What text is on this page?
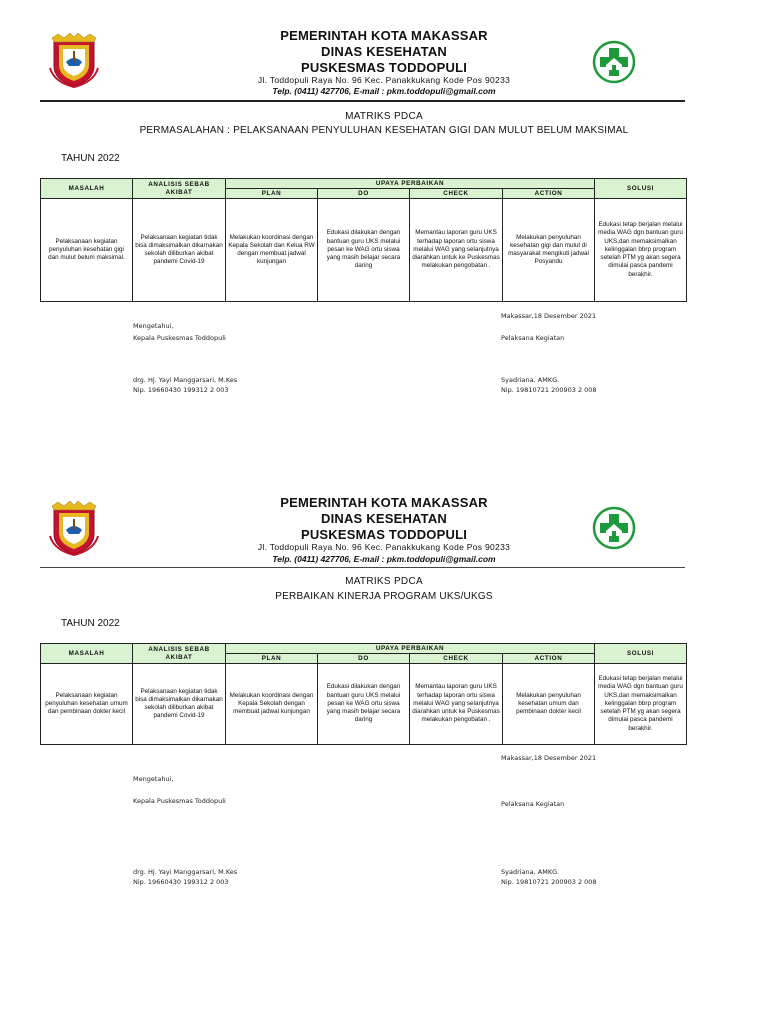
PEMERINTAH KOTA MAKASSAR
DINAS KESEHATAN
PUSKESMAS TODDOPULI
Jl. Toddopuli Raya No. 96 Kec. Panakkukang Kode Pos 90233
Telp. (0411) 427706, E-mail : pkm.toddopuli@gmail.com
MATRIKS PDCA
PERMASALAHAN : PELAKSANAAN PENYULUHAN KESEHATAN GIGI DAN MULUT BELUM MAKSIMAL
TAHUN 2022
MASALAH	ANALISIS SEBAB AKIBAT	UPAYA PERBAIKAN				SOLUSI
		PLAN	DO	CHECK	ACTION	
Pelaksanaan kegiatan penyuluhan kesehatan gigi dan mulut belum maksimal.	Pelaksanaan kegiatan tidak bisa dimaksimalkan dikarnakan sekolah diliburkan akibat pandemi Covid-19	Melakukan koordinasi dengan Kepala Sekolah dan Kelua RW dengan membuat jadwal kunjungan	Edukasi dilakukan dengan bantuan guru UKS melalui pesan ke WAG ortu siswa yang masih belajar secara daring	Memantau laporan guru UKS terhadap laporan ortu siswa melalui WAG yang selanjutnya diarahkan untuk ke Puskesmas melakukan pengobatan .	Melakukan penyuluhan kesehatan gigi dan mulut di masyarakat mengikuti jadwal Posyandu	Edukasi tetap berjalan melalui media WAG dgn bantuan guru UKS,dan memaksimalkan kelinggalan bbrp program setelah PTM yg akan segera dimulai pasca pandemi berakhir.
Makassar,18 Desember 2021
Mengetahui,
Kepala Puskesmas Toddopuli	Pelaksana Kegiatan
drg. Hj. Yayi Manggarsari, M.Kes	Syadriana, AMKG.
Nip. 19660430 199312 2 003	Nip. 19810721 200903 2 008
PEMERINTAH KOTA MAKASSAR
DINAS KESEHATAN
PUSKESMAS TODDOPULI
Jl. Toddopuli Raya No. 96 Kec. Panakkukang Kode Pos 90233
Telp. (0411) 427706, E-mail : pkm.toddopuli@gmail.com
MATRIKS PDCA
PERBAIKAN KINERJA PROGRAM UKS/UKGS
TAHUN 2022
MASALAH	ANALISIS SEBAB AKIBAT	UPAYA PERBAIKAN				SOLUSI
		PLAN	DO	CHECK	ACTION	
Pelaksanaan kegiatan penyuluhan kesehatan umum dan pembinaan dokter kecil	Pelaksanaan kegiatan tidak bisa dimaksimalkan dikarnakan sekolah diliburkan akibat pandemi Covid-19	Melakukan koordinasi dengan Kepala Sekolah dengan membuat jadwal kunjungan	Edukasi dilakukan dengan bantuan guru UKS melalui pesan ke WAG ortu siswa yang masih belajar secara daring	Memantau laporan guru UKS terhadap laporan ortu siswa melalui WAG yang selanjutnya diarahkan untuk ke Puskesmas melakukan pengobatan .	Melakukan penyuluhan kesehatan umum dan pembinaan dokter kecil	Edukasi tetap berjalan melalui media WAG dgn bantuan guru UKS,dan memaksimalkan kelinggalan bbrp program setelah PTM yg akan segera dimulai pasca pandemi berakhir.
Makassar,18 Desember 2021
Mengetahui,
Kepala Puskesmas Toddopuli	Pelaksana Kegiatan
drg. Hj. Yayi Manggarsari, M.Kes	Syadriana, AMKG.
Nip. 19660430 199312 2 003	Nip. 19810721 200903 2 008
